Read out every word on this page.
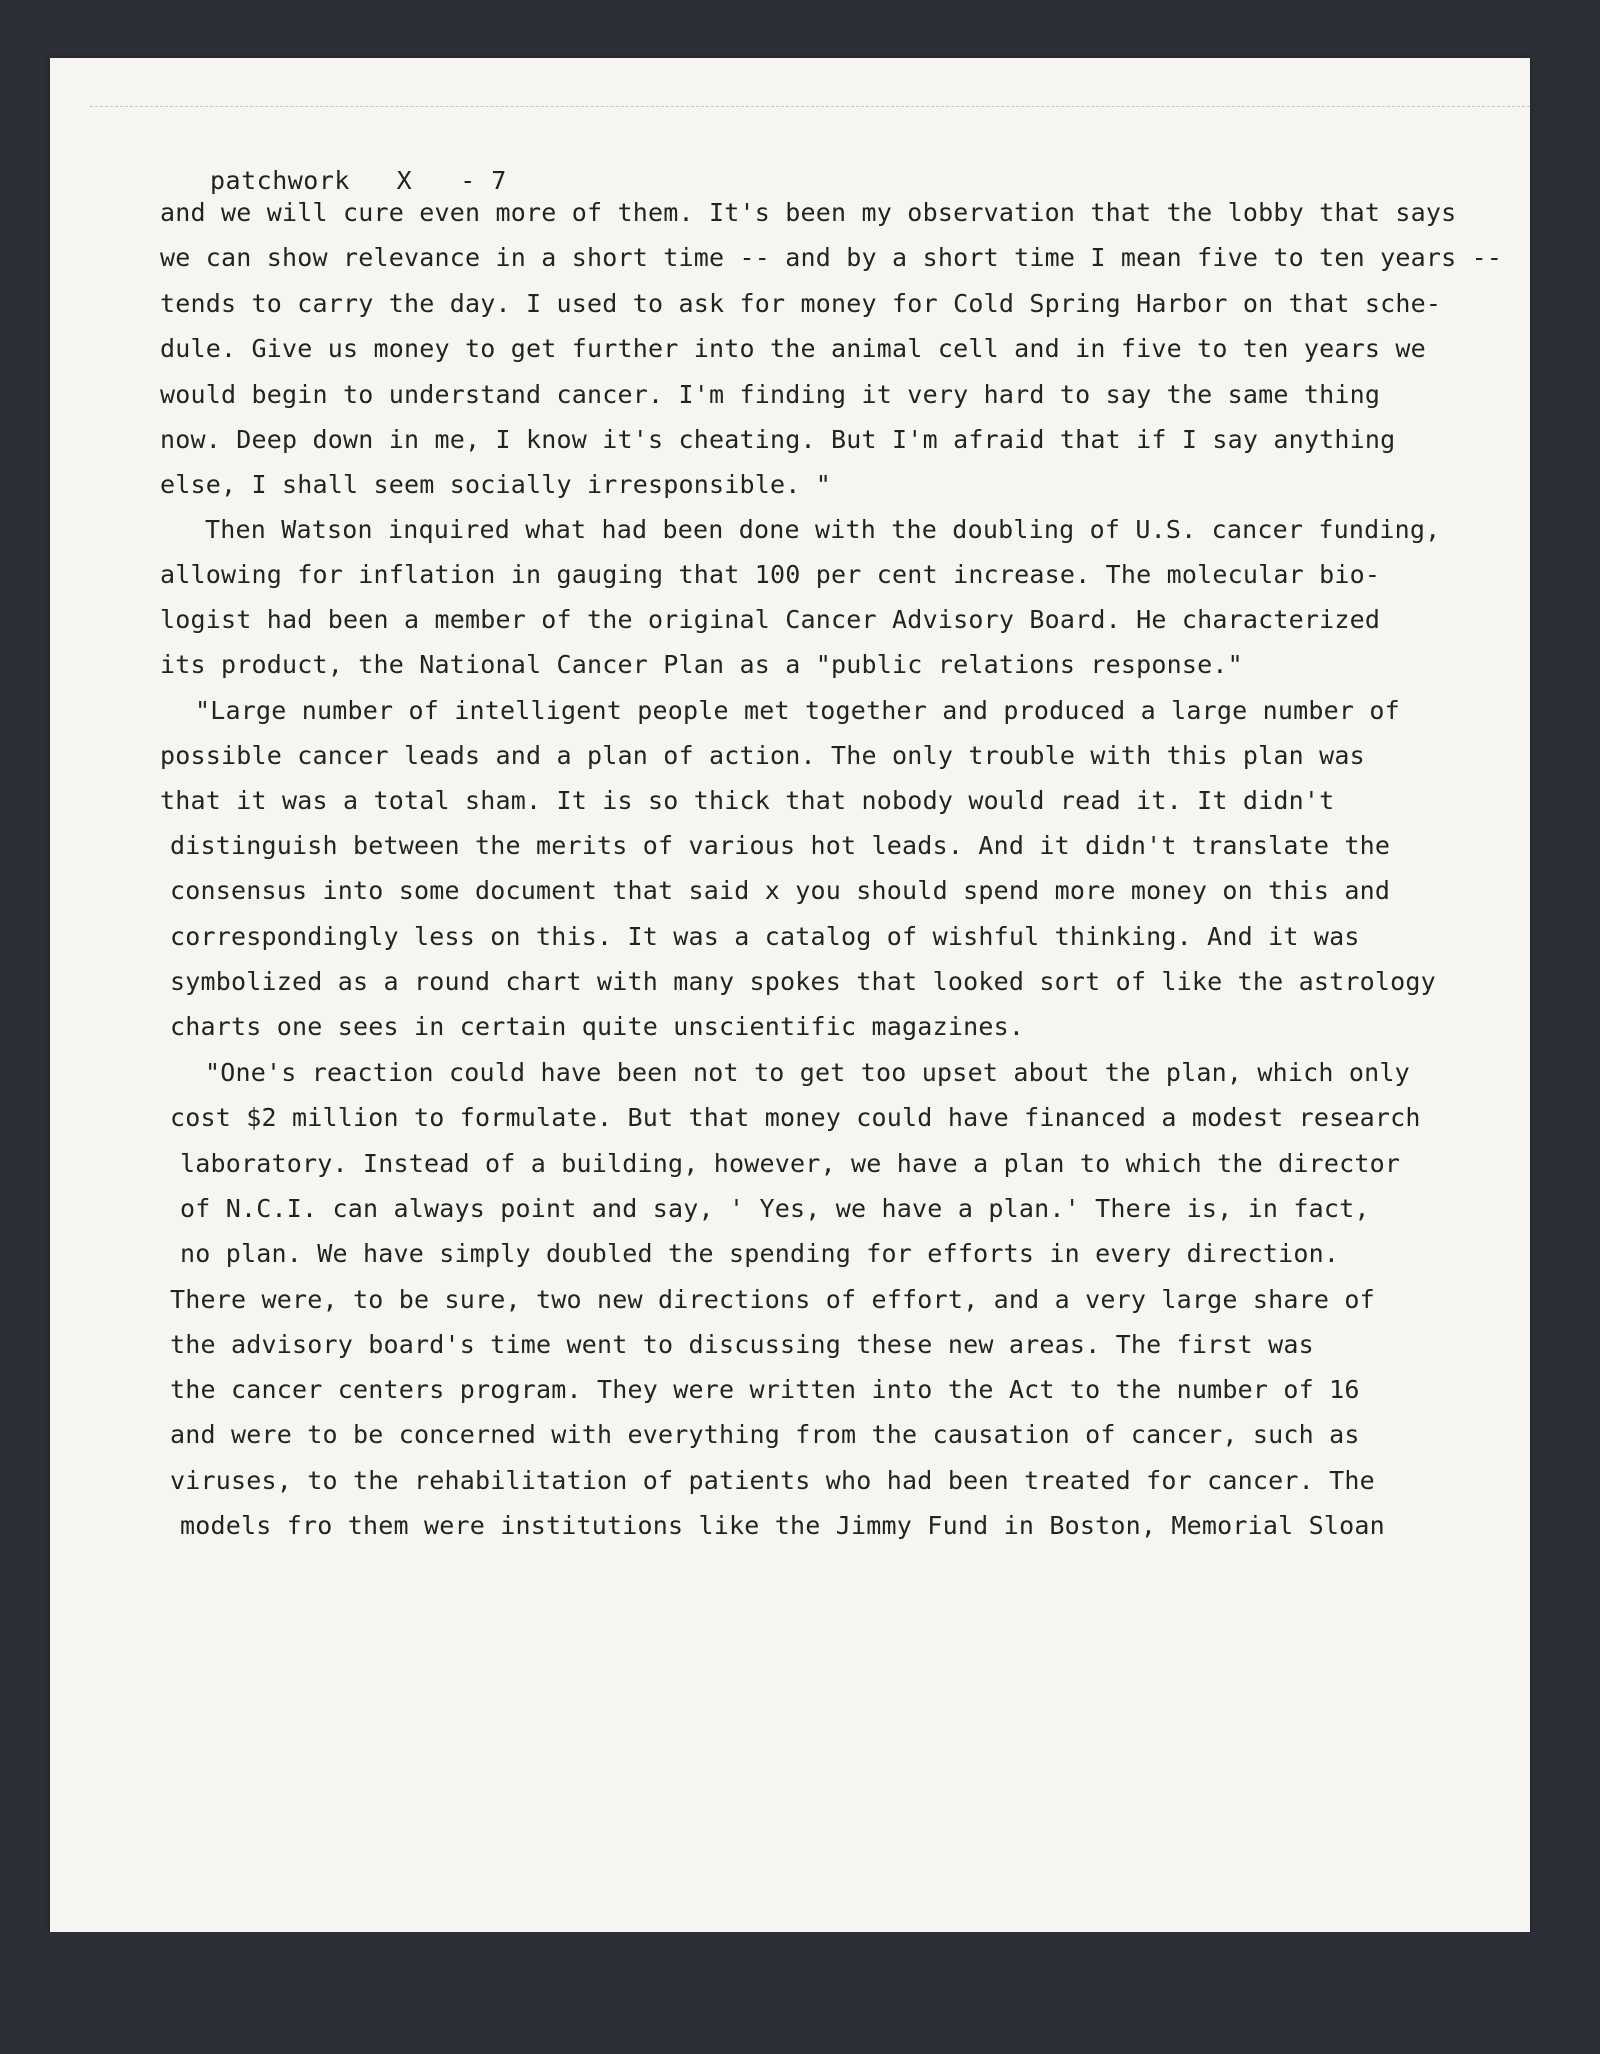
patchwork X - 7
and we will cure even more of them. It's been my observation that the lobby that says
we can show relevance in a short time -- and by a short time I mean five to ten years --
tends to carry the day. I used to ask for money for Cold Spring Harbor on that sche-
dule. Give us money to get further into the animal cell and in five to ten years we
would begin to understand cancer. I'm finding it very hard to say the same thing
now. Deep down in me, I know it's cheating. But I'm afraid that if I say anything
else, I shall seem socially irresponsible. "
Then Watson inquired what had been done with the doubling of U.S. cancer funding,
allowing for inflation in gauging that 100 per cent increase. The molecular bio-
logist had been a member of the original Cancer Advisory Board. He characterized
its product, the National Cancer Plan as a "public relations response."
"Large number of intelligent people met together and produced a large number of
possible cancer leads and a plan of action. The only trouble with this plan was
that it was a total sham. It is so thick that nobody would read it. It didn't
distinguish between the merits of various hot leads. And it didn't translate the
consensus into some document that said x you should spend more money on this and
correspondingly less on this. It was a catalog of wishful thinking. And it was
symbolized as a round chart with many spokes that looked sort of like the astrology
charts one sees in certain quite unscientific magazines.
"One's reaction could have been not to get too upset about the plan, which only
cost $2 million to formulate. But that money could have financed a modest research
laboratory. Instead of a building, however, we have a plan to which the director
of N.C.I. can always point and say, ' Yes, we have a plan.' There is, in fact,
no plan. We have simply doubled the spending for efforts in every direction.
There were, to be sure, two new directions of effort, and a very large share of
the advisory board's time went to discussing these new areas. The first was
the cancer centers program. They were written into the Act to the number of 16
and were to be concerned with everything from the causation of cancer, such as
viruses, to the rehabilitation of patients who had been treated for cancer. The
models fro them were institutions like the Jimmy Fund in Boston, Memorial Sloan
